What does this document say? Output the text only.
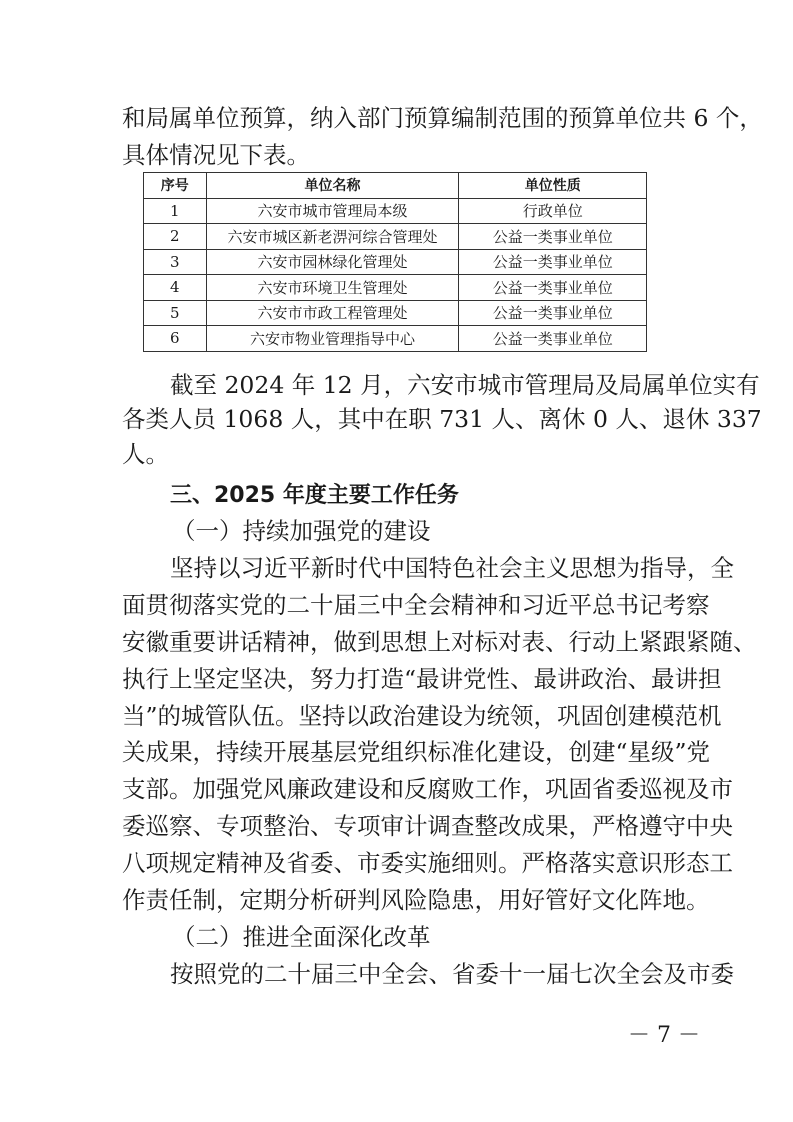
和局属单位预算，纳入部门预算编制范围的预算单位共 6 个，
具体情况见下表。
序号	单位名称	单位性质
1	六安市城市管理局本级	行政单位
2	六安市城区新老淠河综合管理处	公益一类事业单位
3	六安市园林绿化管理处	公益一类事业单位
4	六安市环境卫生管理处	公益一类事业单位
5	六安市市政工程管理处	公益一类事业单位
6	六安市物业管理指导中心	公益一类事业单位
截至 2024 年 12 月，六安市城市管理局及局属单位实有
各类人员 1068 人，其中在职 731 人、离休 0 人、退休 337
人。
三、2025 年度主要工作任务
（一）持续加强党的建设
坚持以习近平新时代中国特色社会主义思想为指导，全
面贯彻落实党的二十届三中全会精神和习近平总书记考察
安徽重要讲话精神，做到思想上对标对表、行动上紧跟紧随、
执行上坚定坚决，努力打造“最讲党性、最讲政治、最讲担
当”的城管队伍。坚持以政治建设为统领，巩固创建模范机
关成果，持续开展基层党组织标准化建设，创建“星级”党
支部。加强党风廉政建设和反腐败工作，巩固省委巡视及市
委巡察、专项整治、专项审计调查整改成果，严格遵守中央
八项规定精神及省委、市委实施细则。严格落实意识形态工
作责任制，定期分析研判风险隐患，用好管好文化阵地。
（二）推进全面深化改革
按照党的二十届三中全会、省委十一届七次全会及市委
－ 7 －
